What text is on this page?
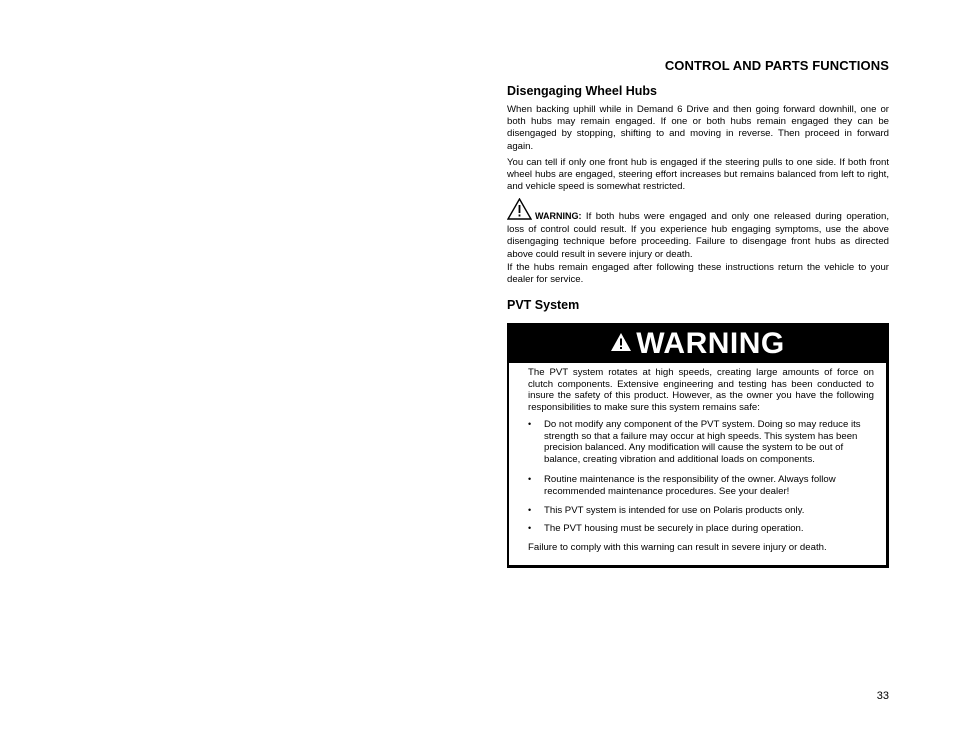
CONTROL AND PARTS FUNCTIONS
Disengaging Wheel Hubs

When backing uphill while in Demand 6 Drive and then going forward downhill, one or both hubs may remain engaged. If one or both hubs remain engaged they can be disengaged by stopping, shifting to and moving in reverse. Then proceed in forward again.

You can tell if only one front hub is engaged if the steering pulls to one side. If both front wheel hubs are engaged, steering effort increases but remains balanced from left to right, and vehicle speed is somewhat restricted.

WARNING: If both hubs were engaged and only one released during operation, loss of control could result. If you experience hub engaging symptoms, use the above disengaging technique before proceeding. Failure to disengage front hubs as directed above could result in severe injury or death.

If the hubs remain engaged after following these instructions return the vehicle to your dealer for service.

PVT System
WARNING

The PVT system rotates at high speeds, creating large amounts of force on clutch components. Extensive engineering and testing has been conducted to insure the safety of this product. However, as the owner you have the following responsibilities to make sure this system remains safe:

•	Do not modify any component of the PVT system. Doing so may reduce its strength so that a failure may occur at high speeds. This system has been precision balanced. Any modification will cause the system to be out of balance, creating vibration and additional loads on components.
•	Routine maintenance is the responsibility of the owner. Always follow recommended maintenance procedures. See your dealer!
•	This PVT system is intended for use on Polaris products only.
•	The PVT housing must be securely in place during operation.

Failure to comply with this warning can result in severe injury or death.

33
